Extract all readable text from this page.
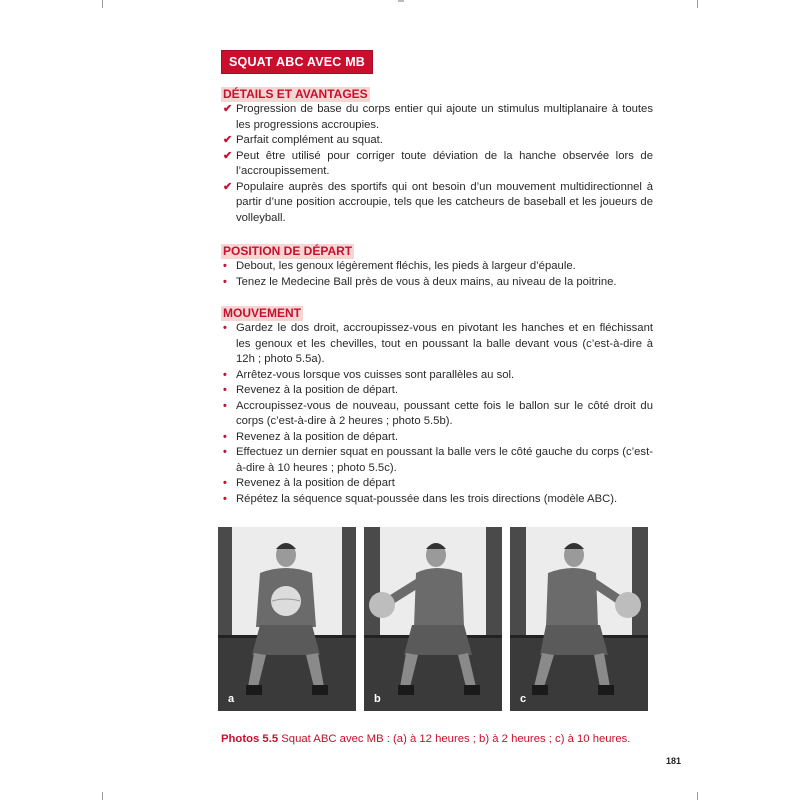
SQUAT ABC AVEC MB
DÉTAILS ET AVANTAGES
✔ Progression de base du corps entier qui ajoute un stimulus multiplanaire à toutes les progressions accroupies.
✔ Parfait complément au squat.
✔ Peut être utilisé pour corriger toute déviation de la hanche observée lors de l’accroupissement.
✔ Populaire auprès des sportifs qui ont besoin d’un mouvement multidirectionnel à partir d’une position accroupie, tels que les catcheurs de baseball et les joueurs de volleyball.
POSITION DE DÉPART
• Debout, les genoux légèrement fléchis, les pieds à largeur d’épaule.
• Tenez le Medecine Ball près de vous à deux mains, au niveau de la poitrine.
MOUVEMENT
• Gardez le dos droit, accroupissez-vous en pivotant les hanches et en fléchissant les genoux et les chevilles, tout en poussant la balle devant vous (c’est-à-dire à 12h ; photo 5.5a).
• Arrêtez-vous lorsque vos cuisses sont parallèles au sol.
• Revenez à la position de départ.
• Accroupissez-vous de nouveau, poussant cette fois le ballon sur le côté droit du corps (c’est-à-dire à 2 heures ; photo 5.5b).
• Revenez à la position de départ.
• Effectuez un dernier squat en poussant la balle vers le côté gauche du corps (c’est-à-dire à 10 heures ; photo 5.5c).
• Revenez à la position de départ
• Répétez la séquence squat-poussée dans les trois directions (modèle ABC).
a	b	c
Photos 5.5 Squat ABC avec MB : (a) à 12 heures ; b) à 2 heures ; c) à 10 heures.
181
